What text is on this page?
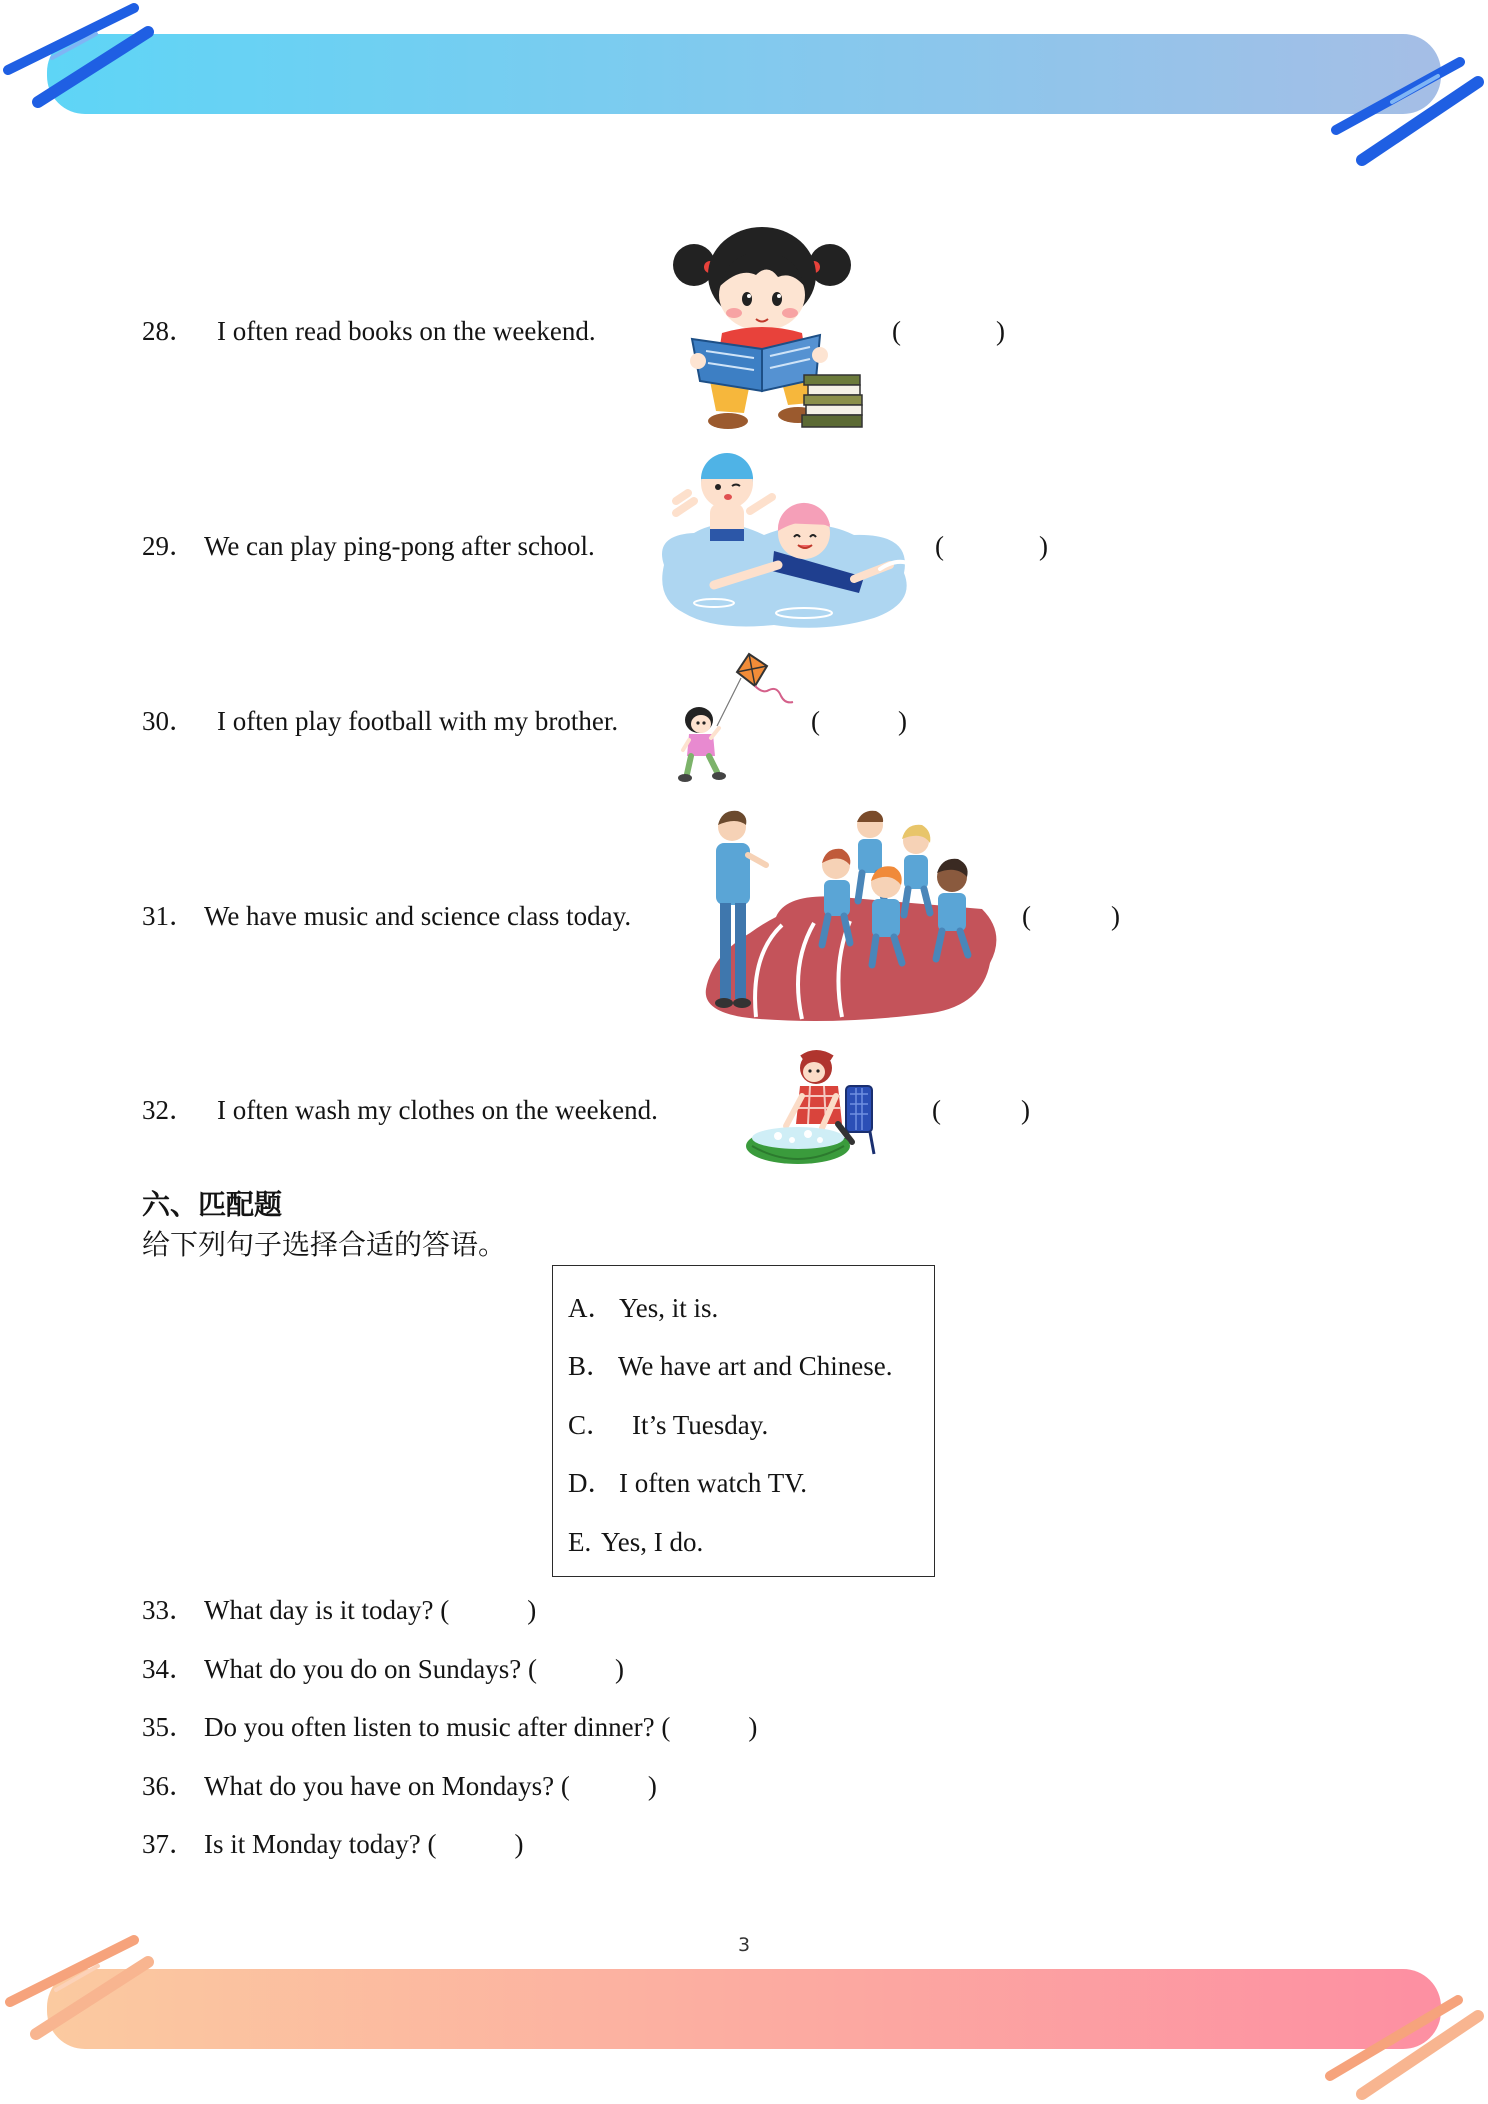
28． I often read books on the weekend.	(	)
29． We can play ping-pong after school.	(	)
30． I often play football with my brother.	(	)
31． We have music and science class today.	(	)
32． I often wash my clothes on the weekend.	(	)
六、匹配题
给下列句子选择合适的答语。
A． Yes, it is.
B． We have art and Chinese.
C． It’s Tuesday.
D． I often watch TV.
E. Yes, I do.
33． What day is it today? (	)
34． What do you do on Sundays? (	)
35． Do you often listen to music after dinner? (	)
36． What do you have on Mondays? (	)
37． Is it Monday today? (	)
3
